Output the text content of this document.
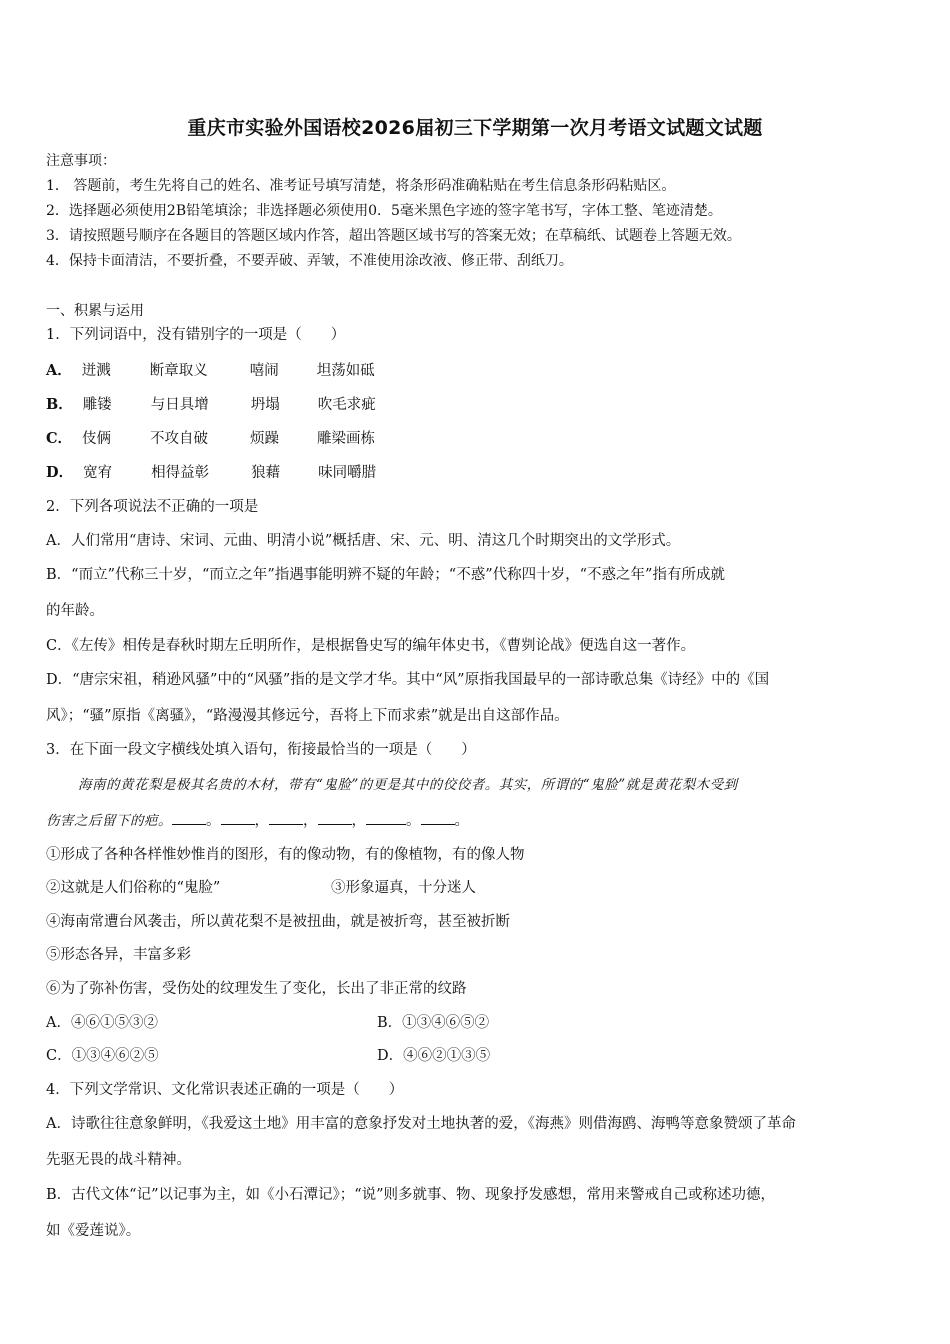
重庆市实验外国语校2026届初三下学期第一次月考语文试题文试题
注意事项：
1． 答题前，考生先将自己的姓名、准考证号填写清楚，将条形码准确粘贴在考生信息条形码粘贴区。
2．选择题必须使用2B铅笔填涂；非选择题必须使用0．5毫米黑色字迹的签字笔书写，字体工整、笔迹清楚。
3．请按照题号顺序在各题目的答题区域内作答，超出答题区域书写的答案无效；在草稿纸、试题卷上答题无效。
4．保持卡面清洁，不要折叠，不要弄破、弄皱，不准使用涂改液、修正带、刮纸刀。
一、积累与运用
1．下列词语中，没有错别字的一项是（　　）
A． 迸溅	断章取义	嘻闹	坦荡如砥
B． 雕镂	与日具增	坍塌	吹毛求疵
C． 伎俩	不攻自破	烦躁	雕梁画栋
D． 宽宥	相得益彰	狼藉	味同嚼腊
2．下列各项说法不正确的一项是
A．人们常用“唐诗、宋词、元曲、明清小说”概括唐、宋、元、明、清这几个时期突出的文学形式。
B．“而立”代称三十岁，“而立之年”指遇事能明辨不疑的年龄；“不惑”代称四十岁，“不惑之年”指有所成就
的年龄。
C．《左传》相传是春秋时期左丘明所作，是根据鲁史写的编年体史书，《曹刿论战》便选自这一著作。
D．“唐宗宋祖，稍逊风骚”中的“风骚”指的是文学才华。其中“风”原指我国最早的一部诗歌总集《诗经》中的《国
风》；“骚”原指《离骚》，“路漫漫其修远兮，吾将上下而求索”就是出自这部作品。
3．在下面一段文字横线处填入语句，衔接最恰当的一项是（　　）
海南的黄花梨是极其名贵的木材，带有“鬼脸”的更是其中的佼佼者。其实，所谓的“鬼脸”就是黄花梨木受到
伤害之后留下的疤。 。 ， ， ，	。 。
①形成了各种各样惟妙惟肖的图形，有的像动物，有的像植物，有的像人物
②这就是人们俗称的“鬼脸”	③形象逼真，十分迷人
④海南常遭台风袭击，所以黄花梨不是被扭曲，就是被折弯，甚至被折断
⑤形态各异，丰富多彩
⑥为了弥补伤害，受伤处的纹理发生了变化，长出了非正常的纹路
A．④⑥①⑤③②	B．①③④⑥⑤②
C．①③④⑥②⑤	D．④⑥②①③⑤
4．下列文学常识、文化常识表述正确的一项是（　　）
A．诗歌往往意象鲜明，《我爱这土地》用丰富的意象抒发对土地执著的爱，《海燕》则借海鸥、海鸭等意象赞颂了革命
先驱无畏的战斗精神。
B．古代文体“记”以记事为主，如《小石潭记》；“说”则多就事、物、现象抒发感想，常用来警戒自己或称述功德，
如《爱莲说》。
